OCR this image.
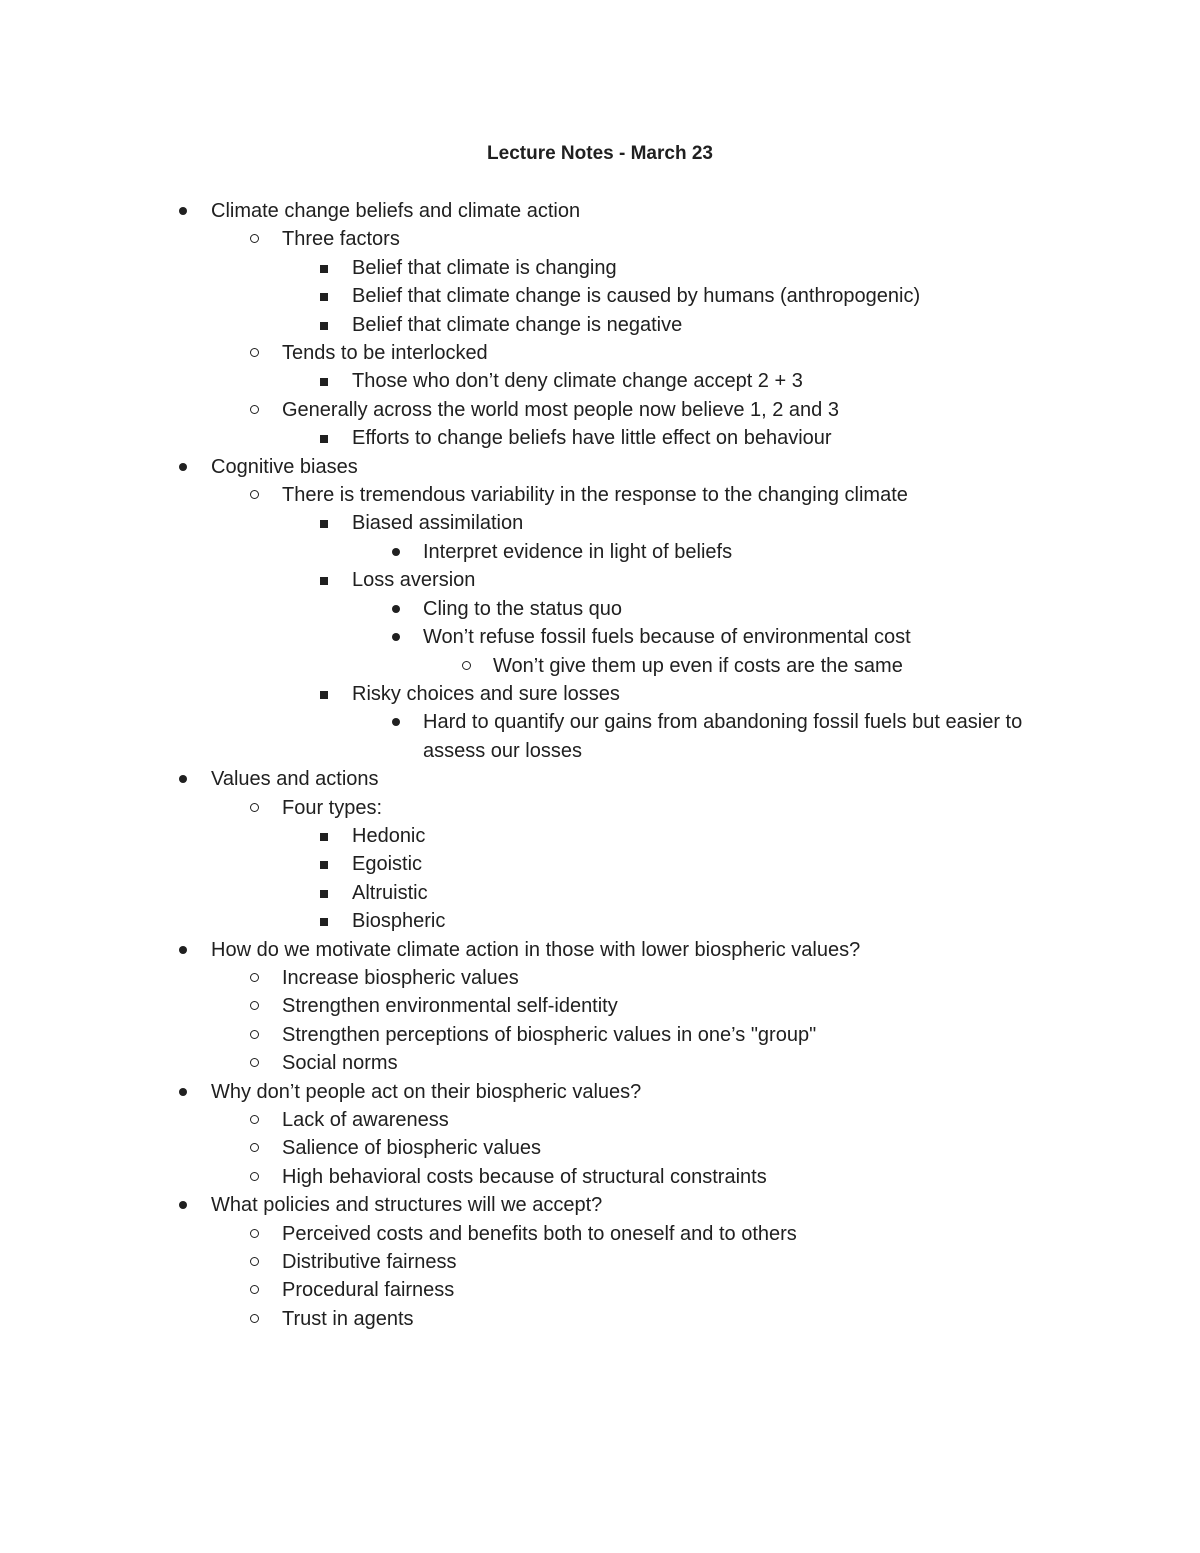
Lecture Notes - March 23
Climate change beliefs and climate action
Three factors
Belief that climate is changing
Belief that climate change is caused by humans (anthropogenic)
Belief that climate change is negative
Tends to be interlocked
Those who don’t deny climate change accept 2 + 3
Generally across the world most people now believe 1, 2 and 3
Efforts to change beliefs have little effect on behaviour
Cognitive biases
There is tremendous variability in the response to the changing climate
Biased assimilation
Interpret evidence in light of beliefs
Loss aversion
Cling to the status quo
Won’t refuse fossil fuels because of environmental cost
Won’t give them up even if costs are the same
Risky choices and sure losses
Hard to quantify our gains from abandoning fossil fuels but easier to assess our losses
Values and actions
Four types:
Hedonic
Egoistic
Altruistic
Biospheric
How do we motivate climate action in those with lower biospheric values?
Increase biospheric values
Strengthen environmental self-identity
Strengthen perceptions of biospheric values in one’s "group"
Social norms
Why don’t people act on their biospheric values?
Lack of awareness
Salience of biospheric values
High behavioral costs because of structural constraints
What policies and structures will we accept?
Perceived costs and benefits both to oneself and to others
Distributive fairness
Procedural fairness
Trust in agents
